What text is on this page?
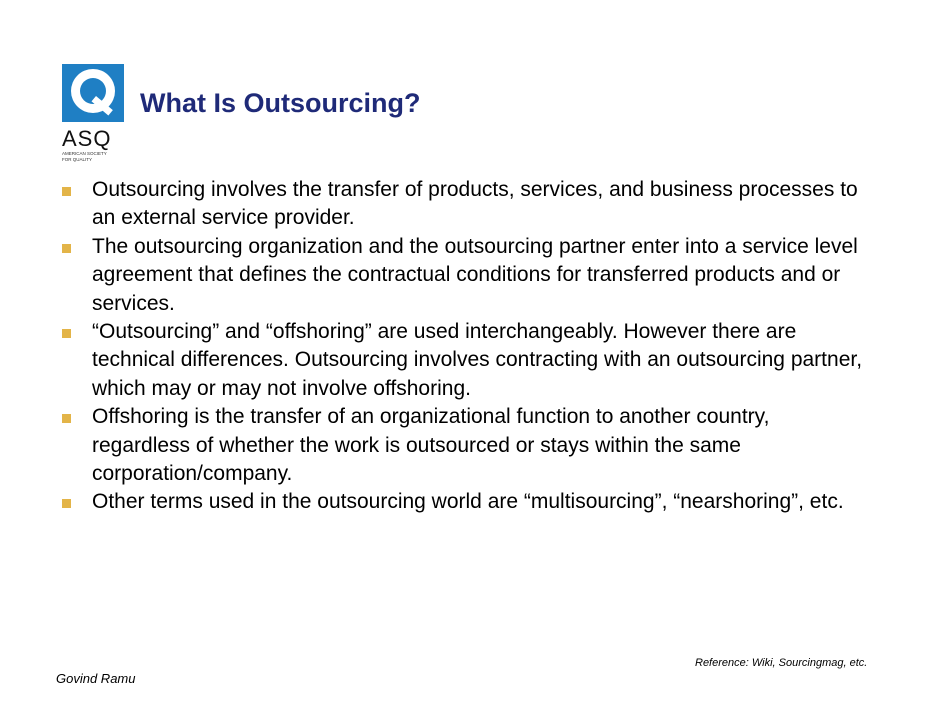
ASQ
AMERICAN SOCIETY
FOR QUALITY
What Is Outsourcing?
Outsourcing involves the transfer of products, services, and business processes to an external service provider.
The outsourcing organization and the outsourcing partner enter into a service level agreement that defines the contractual conditions for transferred products and or services.
“Outsourcing” and “offshoring” are used interchangeably. However there are technical differences. Outsourcing involves contracting with an outsourcing partner, which may or may not involve offshoring.
Offshoring is the transfer of an organizational function to another country, regardless of whether the work is outsourced or stays within the same corporation/company.
Other terms used in the outsourcing world are “multisourcing”, “nearshoring”, etc.
Reference: Wiki, Sourcingmag, etc.
Govind Ramu
